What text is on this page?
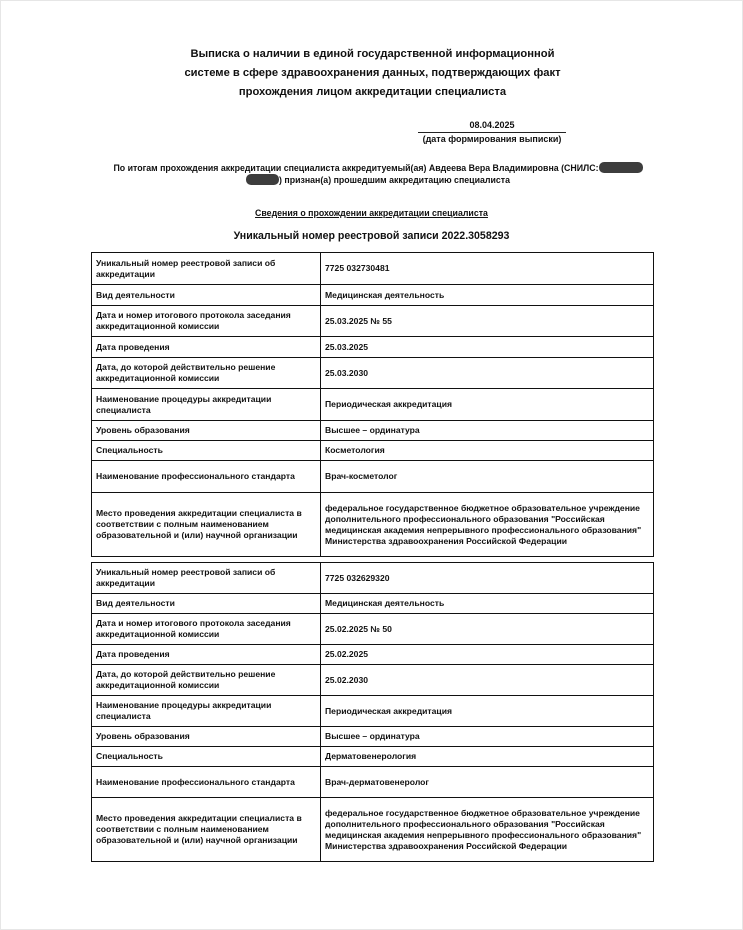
Выписка о наличии в единой государственной информационной
системе в сфере здравоохранения данных, подтверждающих факт
прохождения лицом аккредитации специалиста
08.04.2025
(дата формирования выписки)
По итогам прохождения аккредитации специалиста аккредитуемый(ая) Авдеева Вера Владимировна (СНИЛС:
) признан(а) прошедшим аккредитацию специалиста
Сведения о прохождении аккредитации специалиста
Уникальный номер реестровой записи 2022.3058293
Уникальный номер реестровой записи об аккредитации	7725 032730481
Вид деятельности	Медицинская деятельность
Дата и номер итогового протокола заседания аккредитационной комиссии	25.03.2025 № 55
Дата проведения	25.03.2025
Дата, до которой действительно решение аккредитационной комиссии	25.03.2030
Наименование процедуры аккредитации специалиста	Периодическая аккредитация
Уровень образования	Высшее – ординатура
Специальность	Косметология
Наименование профессионального стандарта	Врач-косметолог
Место проведения аккредитации специалиста в соответствии с полным наименованием образовательной и (или) научной организации	федеральное государственное бюджетное образовательное учреждение дополнительного профессионального образования "Российская медицинская академия непрерывного профессионального образования" Министерства здравоохранения Российской Федерации
Уникальный номер реестровой записи об аккредитации	7725 032629320
Вид деятельности	Медицинская деятельность
Дата и номер итогового протокола заседания аккредитационной комиссии	25.02.2025 № 50
Дата проведения	25.02.2025
Дата, до которой действительно решение аккредитационной комиссии	25.02.2030
Наименование процедуры аккредитации специалиста	Периодическая аккредитация
Уровень образования	Высшее – ординатура
Специальность	Дерматовенерология
Наименование профессионального стандарта	Врач-дерматовенеролог
Место проведения аккредитации специалиста в соответствии с полным наименованием образовательной и (или) научной организации	федеральное государственное бюджетное образовательное учреждение дополнительного профессионального образования "Российская медицинская академия непрерывного профессионального образования" Министерства здравоохранения Российской Федерации
